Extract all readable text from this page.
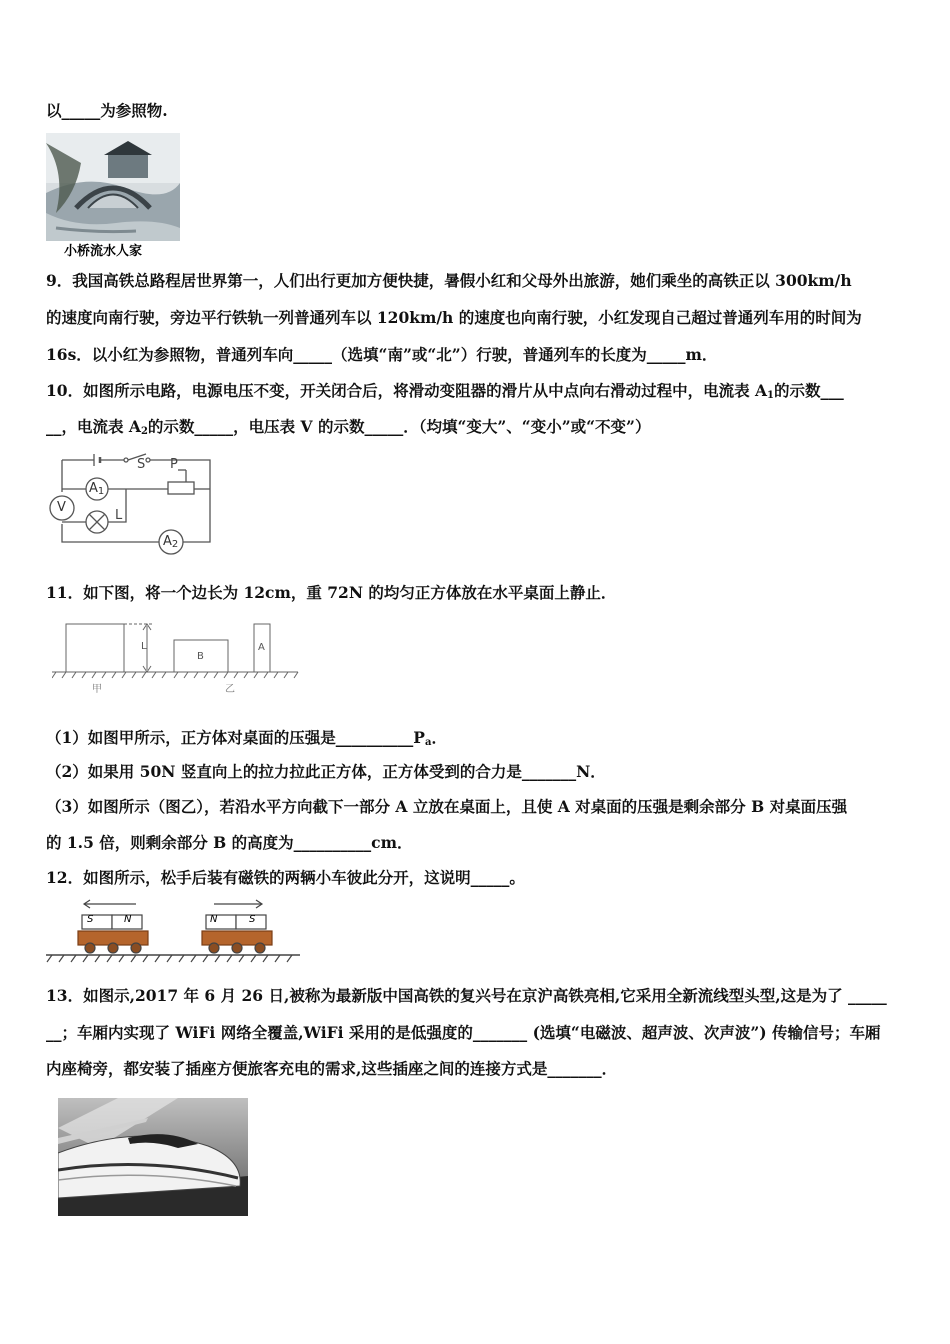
以_____为参照物.
小桥流水人家
9．我国高铁总路程居世界第一，人们出行更加方便快捷，暑假小红和父母外出旅游，她们乘坐的高铁正以 300km/h
的速度向南行驶，旁边平行铁轨一列普通列车以 120km/h 的速度也向南行驶，小红发现自己超过普通列车用的时间为
16s．以小红为参照物，普通列车向_____（选填“南”或“北”）行驶，普通列车的长度为_____m．
10．如图所示电路，电源电压不变，开关闭合后，将滑动变阻器的滑片从中点向右滑动过程中，电流表 $A_1$的示数___
__，电流表 $A_2$的示数_____，电压表 V 的示数_____．（均填“变大”、“变小”或“不变”）
S P
$A_1$
V
L
$A_2$
11．如下图，将一个边长为 12cm，重 72N 的均匀正方体放在水平桌面上静止．
L
B
A
甲	乙
（1）如图甲所示，正方体对桌面的压强是$\_\_\_\_\_\_\_\_\_\_P_a$．
（2）如果用 50N 竖直向上的拉力拉此正方体，正方体受到的合力是_______N．
（3）如图所示（图乙），若沿水平方向截下一部分 A 立放在桌面上，且使 A 对桌面的压强是剩余部分 B 对桌面压强
的 1.5 倍，则剩余部分 B 的高度为__________cm．
12．如图所示，松手后装有磁铁的两辆小车彼此分开，这说明_____。
S	N	N	S
13．如图示,2017 年 6 月 26 日,被称为最新版中国高铁的复兴号在京沪高铁亮相,它采用全新流线型头型,这是为了 _____
__；车厢内实现了 WiFi 网络全覆盖,WiFi 采用的是低强度的_______ (选填“电磁波、超声波、次声波”) 传输信号；车厢
内座椅旁，都安装了插座方便旅客充电的需求,这些插座之间的连接方式是_______．
